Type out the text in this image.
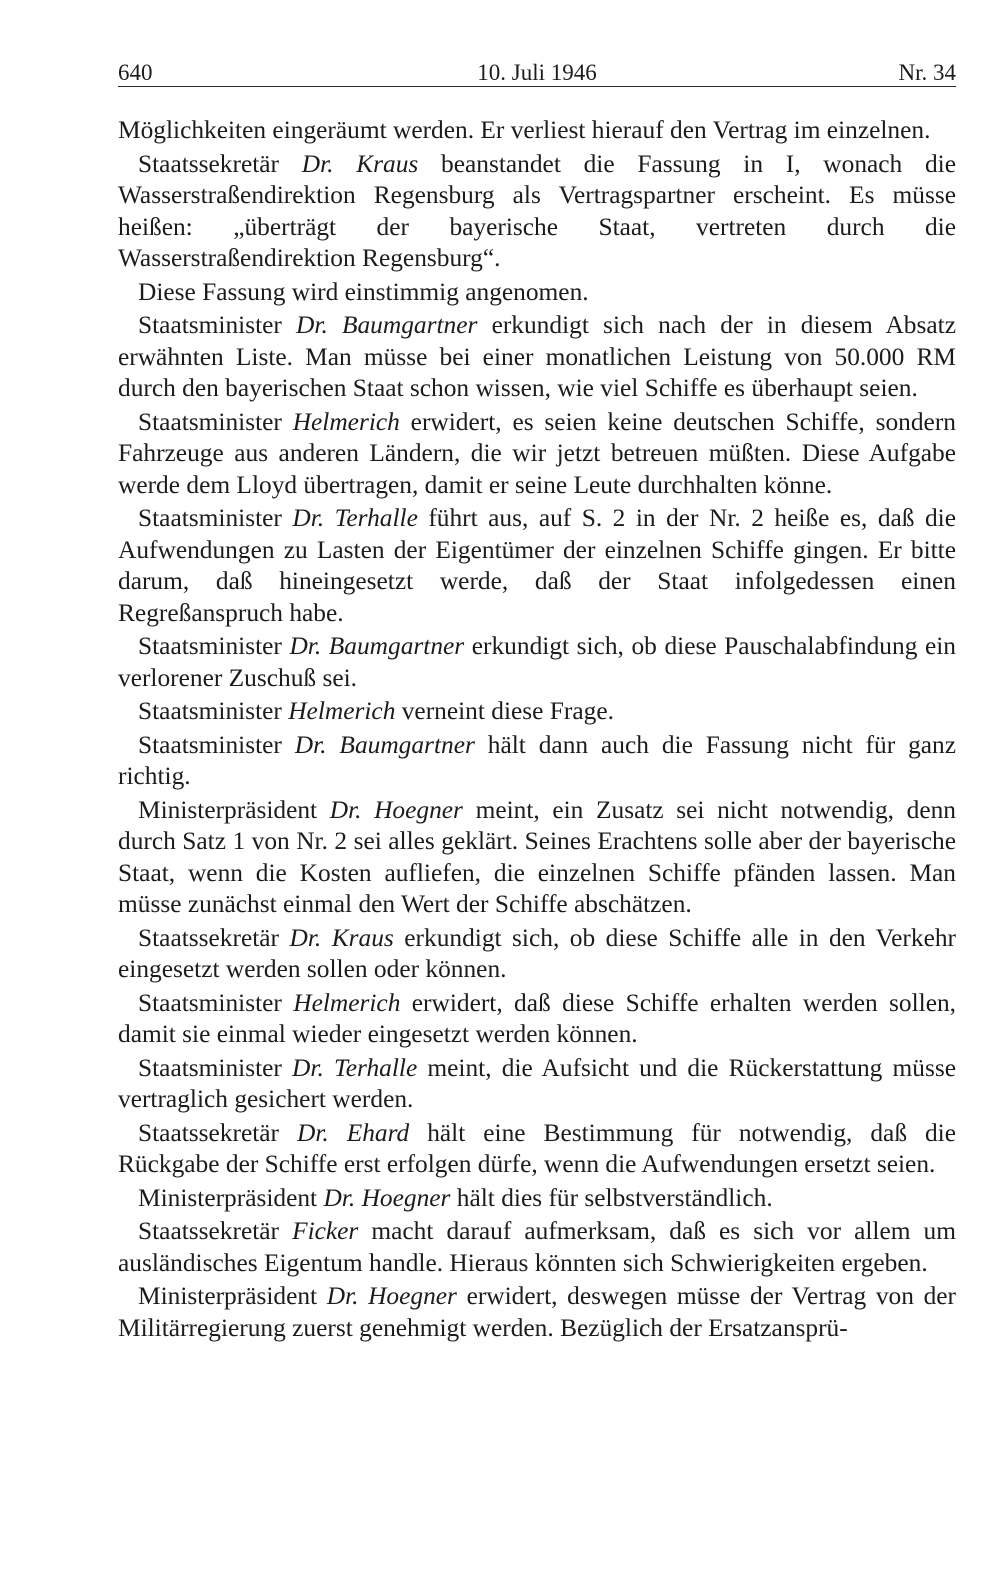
640	10. Juli 1946	Nr. 34

Möglichkeiten eingeräumt werden. Er verliest hierauf den Vertrag im einzelnen.

Staatssekretär Dr. Kraus beanstandet die Fassung in I, wonach die Wasserstraßendirektion Regensburg als Vertragspartner erscheint. Es müsse heißen: „überträgt der bayerische Staat, vertreten durch die Wasserstraßendirektion Regensburg“.

Diese Fassung wird einstimmig angenomen.

Staatsminister Dr. Baumgartner erkundigt sich nach der in diesem Absatz erwähnten Liste. Man müsse bei einer monatlichen Leistung von 50.000 RM durch den bayerischen Staat schon wissen, wie viel Schiffe es überhaupt seien.

Staatsminister Helmerich erwidert, es seien keine deutschen Schiffe, sondern Fahrzeuge aus anderen Ländern, die wir jetzt betreuen müßten. Diese Aufgabe werde dem Lloyd übertragen, damit er seine Leute durchhalten könne.

Staatsminister Dr. Terhalle führt aus, auf S. 2 in der Nr. 2 heiße es, daß die Aufwendungen zu Lasten der Eigentümer der einzelnen Schiffe gingen. Er bitte darum, daß hineingesetzt werde, daß der Staat infolgedessen einen Regreßanspruch habe.

Staatsminister Dr. Baumgartner erkundigt sich, ob diese Pauschalabfindung ein verlorener Zuschuß sei.

Staatsminister Helmerich verneint diese Frage.

Staatsminister Dr. Baumgartner hält dann auch die Fassung nicht für ganz richtig.

Ministerpräsident Dr. Hoegner meint, ein Zusatz sei nicht notwendig, denn durch Satz 1 von Nr. 2 sei alles geklärt. Seines Erachtens solle aber der bayerische Staat, wenn die Kosten aufliefen, die einzelnen Schiffe pfänden lassen. Man müsse zunächst einmal den Wert der Schiffe abschätzen.

Staatssekretär Dr. Kraus erkundigt sich, ob diese Schiffe alle in den Verkehr eingesetzt werden sollen oder können.

Staatsminister Helmerich erwidert, daß diese Schiffe erhalten werden sollen, damit sie einmal wieder eingesetzt werden können.

Staatsminister Dr. Terhalle meint, die Aufsicht und die Rückerstattung müsse vertraglich gesichert werden.

Staatssekretär Dr. Ehard hält eine Bestimmung für notwendig, daß die Rückgabe der Schiffe erst erfolgen dürfe, wenn die Aufwendungen ersetzt seien.

Ministerpräsident Dr. Hoegner hält dies für selbstverständlich.

Staatssekretär Ficker macht darauf aufmerksam, daß es sich vor allem um ausländisches Eigentum handle. Hieraus könnten sich Schwierigkeiten ergeben.

Ministerpräsident Dr. Hoegner erwidert, deswegen müsse der Vertrag von der Militärregierung zuerst genehmigt werden. Bezüglich der Ersatzansprü-
